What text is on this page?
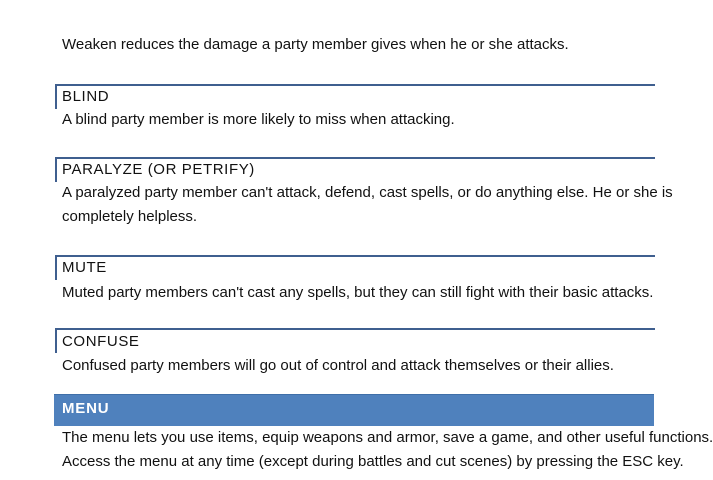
Weaken reduces the damage a party member gives when he or she attacks.
BLIND
A blind party member is more likely to miss when attacking.
PARALYZE (OR PETRIFY)
A paralyzed party member can't attack, defend, cast spells, or do anything else. He or she is
completely helpless.
MUTE
Muted party members can't cast any spells, but they can still fight with their basic attacks.
CONFUSE
Confused party members will go out of control and attack themselves or their allies.
MENU
The menu lets you use items, equip weapons and armor, save a game, and other useful functions.
Access the menu at any time (except during battles and cut scenes) by pressing the ESC key.
